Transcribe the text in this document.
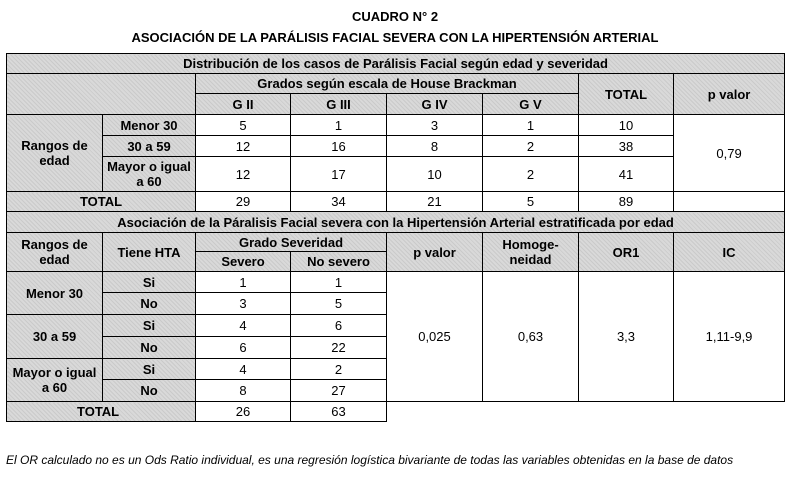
CUADRO N° 2
ASOCIACIÓN DE LA PARÁLISIS FACIAL SEVERA CON LA HIPERTENSIÓN ARTERIAL
Distribución de los casos de Parálisis Facial según edad y severidad							
		Grados según escala de House Brackman				TOTAL	p valor
		G II	G III	G IV	G V		
Rangos de edad	Menor 30	5	1	3	1	10	0,79
	30 a 59	12	16	8	2	38	
	Mayor o igual a 60	12	17	10	2	41	
TOTAL		29	34	21	5	89	
Asociación de la Páralisis Facial severa con la Hipertensión Arterial estratificada por edad							
Rangos de edad	Tiene HTA	Grado Severidad		p valor	Homoge-neidad	OR1	IC
		Severo	No severo				
Menor 30	Si	1	1	0,025	0,63	3,3	1,11-9,9
	No	3	5				
30 a 59	Si	4	6				
	No	6	22				
Mayor o igual a 60	Si	4	2				
	No	8	27				
TOTAL		26	63				
El OR calculado no es un Ods Ratio individual, es una regresión logística bivariante de todas las variables obtenidas en la base de datos
